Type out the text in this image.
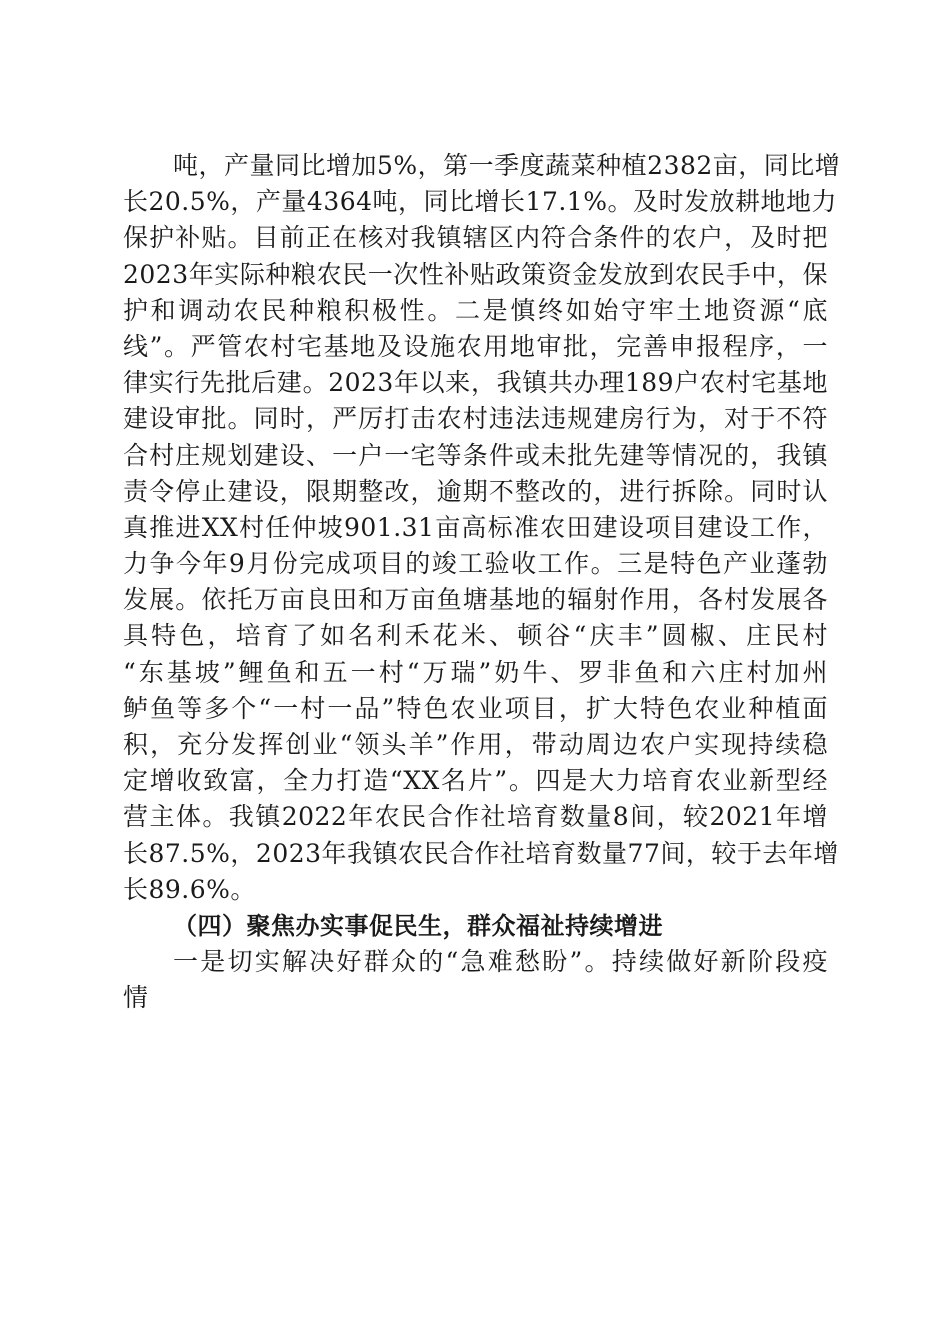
吨，产量同比增加5%，第一季度蔬菜种植2382亩，同比增
长20.5%，产量4364吨，同比增长17.1%。及时发放耕地地力
保护补贴。目前正在核对我镇辖区内符合条件的农户，及时把
2023年实际种粮农民一次性补贴政策资金发放到农民手中，保
护和调动农民种粮积极性。二是慎终如始守牢土地资源“底
线”。严管农村宅基地及设施农用地审批，完善申报程序，一
律实行先批后建。2023年以来，我镇共办理189户农村宅基地
建设审批。同时，严厉打击农村违法违规建房行为，对于不符
合村庄规划建设、一户一宅等条件或未批先建等情况的，我镇
责令停止建设，限期整改，逾期不整改的，进行拆除。同时认
真推进XX村任仲坡901.31亩高标准农田建设项目建设工作，
力争今年9月份完成项目的竣工验收工作。三是特色产业蓬勃
发展。依托万亩良田和万亩鱼塘基地的辐射作用，各村发展各
具特色，培育了如名利禾花米、顿谷“庆丰”圆椒、庄民村
“东基坡”鲤鱼和五一村“万瑞”奶牛、罗非鱼和六庄村加州
鲈鱼等多个“一村一品”特色农业项目，扩大特色农业种植面
积，充分发挥创业“领头羊”作用，带动周边农户实现持续稳
定增收致富，全力打造“XX名片”。四是大力培育农业新型经
营主体。我镇2022年农民合作社培育数量8间，较2021年增
长87.5%，2023年我镇农民合作社培育数量77间，较于去年增
长89.6%。
（四）聚焦办实事促民生，群众福祉持续增进
一是切实解决好群众的“急难愁盼”。持续做好新阶段疫
情
